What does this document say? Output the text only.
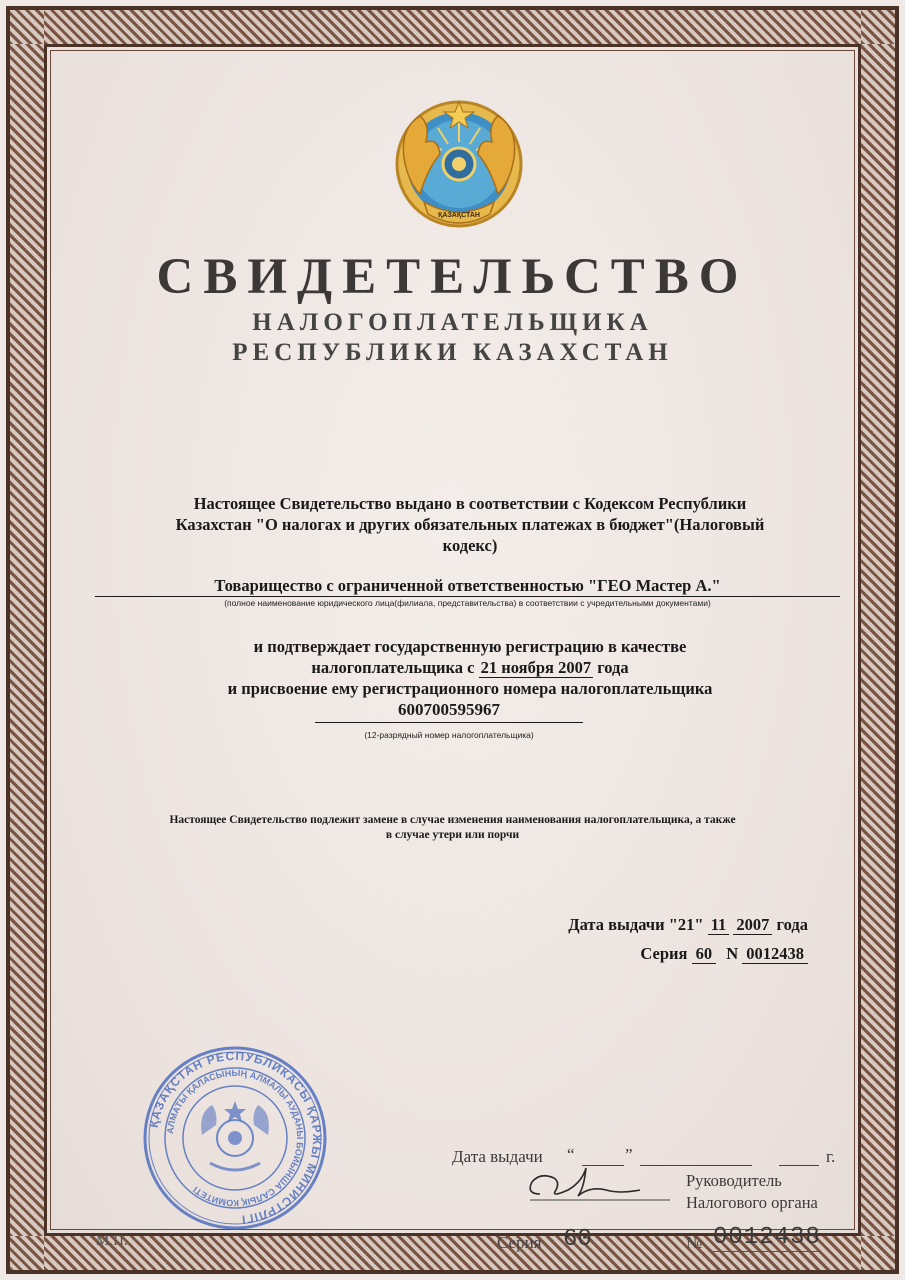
ҚАЗАҚСТАН
СВИДЕТЕЛЬСТВО
НАЛОГОПЛАТЕЛЬЩИКА
РЕСПУБЛИКИ КАЗАХСТАН
Настоящее Свидетельство выдано в соответствии с Кодексом Республики
Казахстан "О налогах и других обязательных платежах в бюджет"(Налоговый
кодекс)
Товарищество с ограниченной ответственностью "ГЕО Мастер А."
(полное наименование юридического лица(филиала, представительства) в соответствии с учредительными документами)
и подтверждает государственную регистрацию в качестве
налогоплательщика с 21 ноября 2007 года
и присвоение ему регистрационного номера налогоплательщика
600700595967
(12-разрядный номер налогоплательщика)
Настоящее Свидетельство подлежит замене в случае изменения наименования налогоплательщика, а также
в случае утери или порчи
Дата выдачи "21" 11 2007 года
Серия 60 N 0012438
ҚАЗАҚСТАН РЕСПУБЛИКАСЫ ҚАРЖЫ МИНИСТРЛІГІ
АЛМАТЫ ҚАЛАСЫНЫҢ АЛМАЛЫ АУДАНЫ БОЙЫНША САЛЫҚ КОМИТЕТІ
Дата выдачи “	”	г.
Руководитель
Налогового органа
М.П.	Серия 60	№ 0012438
